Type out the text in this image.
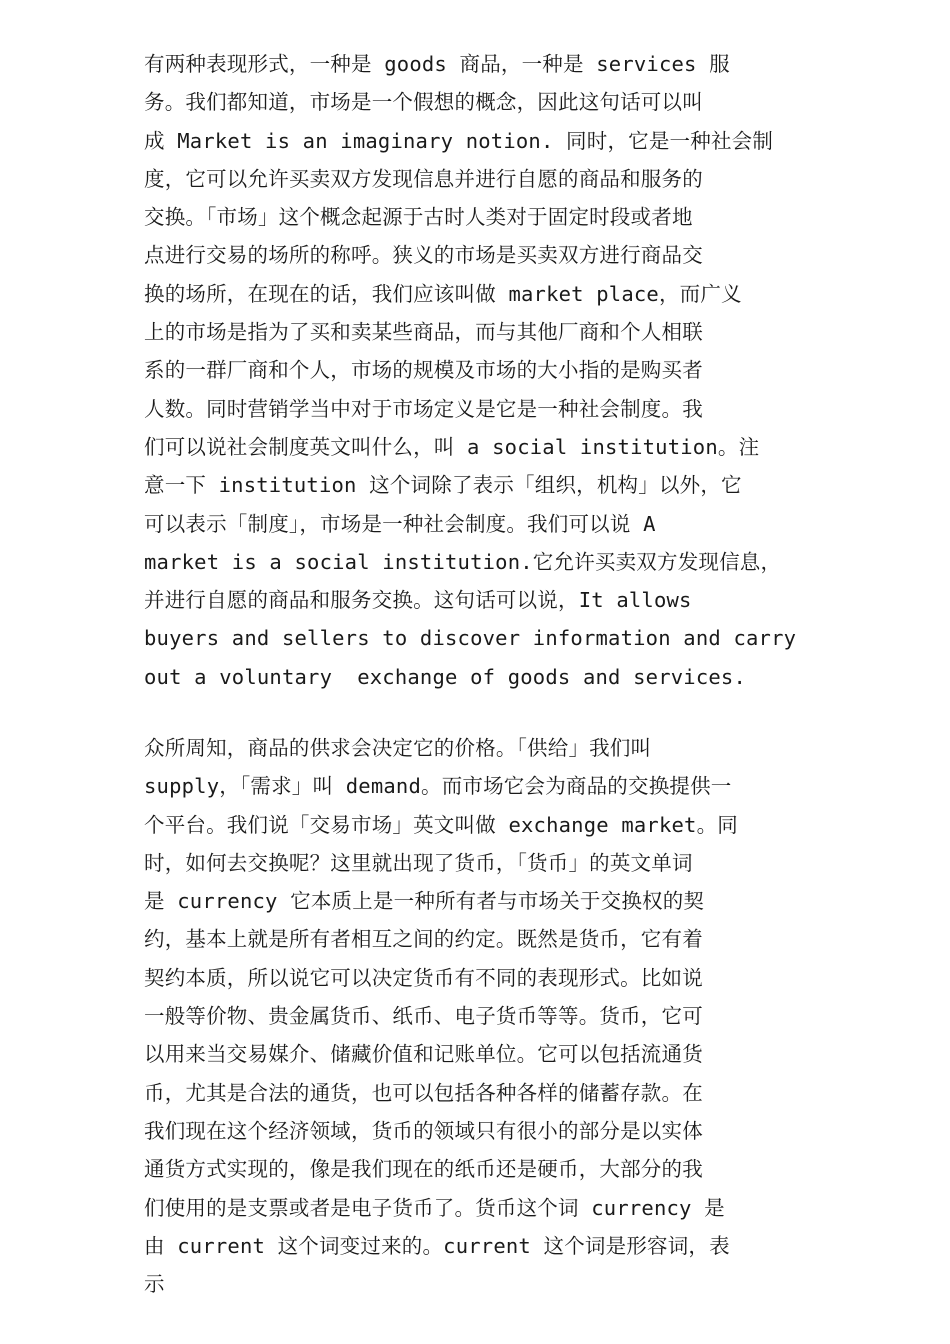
有两种表现形式，一种是 goods 商品，一种是 services 服
务。我们都知道，市场是一个假想的概念，因此这句话可以叫
成 Market is an imaginary notion. 同时，它是一种社会制
度，它可以允许买卖双方发现信息并进行自愿的商品和服务的
交换。「市场」这个概念起源于古时人类对于固定时段或者地
点进行交易的场所的称呼。狭义的市场是买卖双方进行商品交
换的场所，在现在的话，我们应该叫做 market place，而广义
上的市场是指为了买和卖某些商品，而与其他厂商和个人相联
系的一群厂商和个人，市场的规模及市场的大小指的是购买者
人数。同时营销学当中对于市场定义是它是一种社会制度。我
们可以说社会制度英文叫什么，叫 a social institution。注
意一下 institution 这个词除了表示「组织，机构」以外，它
可以表示「制度」，市场是一种社会制度。我们可以说 A
market is a social institution.它允许买卖双方发现信息，
并进行自愿的商品和服务交换。这句话可以说，It allows
buyers and sellers to discover information and carry
out a voluntary  exchange of goods and services.
众所周知，商品的供求会决定它的价格。「供给」我们叫
supply，「需求」叫 demand。而市场它会为商品的交换提供一
个平台。我们说「交易市场」英文叫做 exchange market。同
时，如何去交换呢？这里就出现了货币，「货币」的英文单词
是 currency 它本质上是一种所有者与市场关于交换权的契
约，基本上就是所有者相互之间的约定。既然是货币，它有着
契约本质，所以说它可以决定货币有不同的表现形式。比如说
一般等价物、贵金属货币、纸币、电子货币等等。货币，它可
以用来当交易媒介、储藏价值和记账单位。它可以包括流通货
币，尤其是合法的通货，也可以包括各种各样的储蓄存款。在
我们现在这个经济领域，货币的领域只有很小的部分是以实体
通货方式实现的，像是我们现在的纸币还是硬币，大部分的我
们使用的是支票或者是电子货币了。货币这个词 currency 是
由 current 这个词变过来的。current 这个词是形容词，表
示
